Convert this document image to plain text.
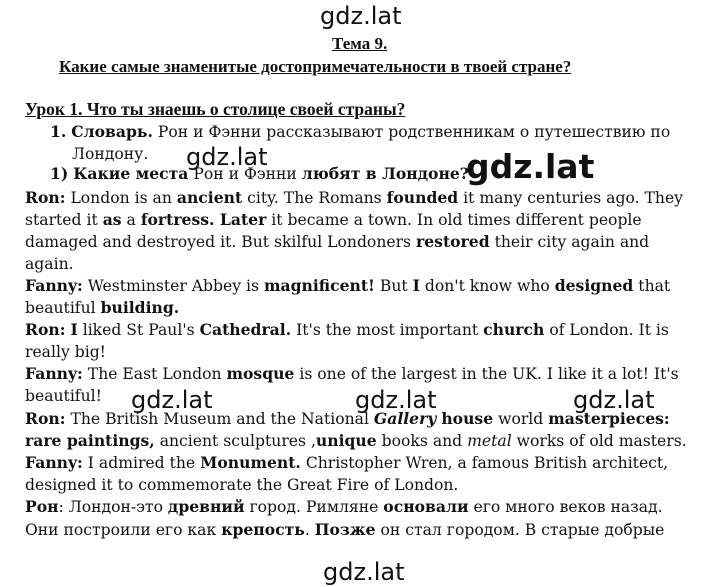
gdz.lat
gdz.lat	gdz.lat
gdz.lat	gdz.lat	gdz.lat
gdz.lat
Тема 9.
Какие самые знаменитые достопримечательности в твоей стране?
Урок 1. Что ты знаешь о столице своей страны?
1. Словарь. Рон и Фэнни рассказывают родственникам о путешествию по
Лондону.
1) Какие места Рон и Фэнни любят в Лондоне?
Ron: London is an ancient city. The Romans founded it many centuries ago. They
started it as a fortress. Later it became a town. In old times different people
damaged and destroyed it. But skilful Londoners restored their city again and
again.
Fanny: Westminster Abbey is magnificent! But I don't know who designed that
beautiful building.
Ron: I liked St Paul's Cathedral. It's the most important church of London. It is
really big!
Fanny: The East London mosque is one of the largest in the UK. I like it a lot! It's
beautiful!
Ron: The British Museum and the National Gallery house world masterpieces:
rare paintings, ancient sculptures ,unique books and metal works of old masters.
Fanny: I admired the Monument. Christopher Wren, a famous British architect,
designed it to commemorate the Great Fire of London.
Рон: Лондон-это древний город. Римляне основали его много веков назад.
Они построили его как крепость. Позже он стал городом. В старые добрые
